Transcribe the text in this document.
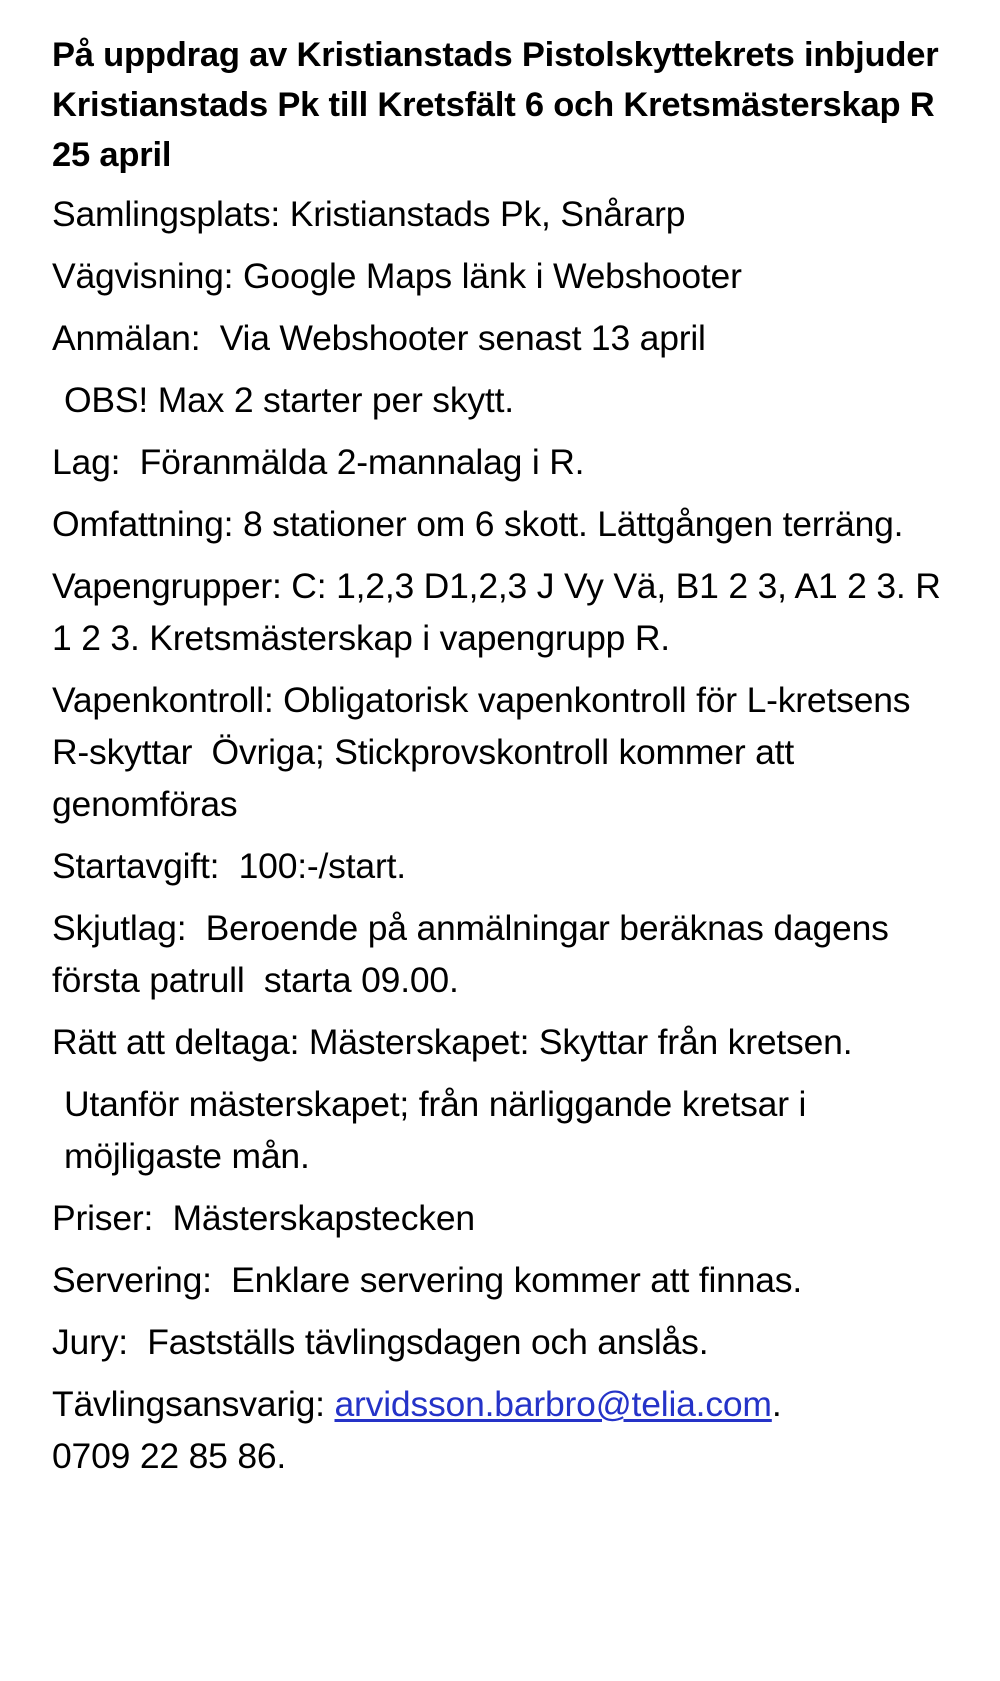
På uppdrag av Kristianstads Pistolskyttekrets inbjuder Kristianstads Pk till Kretsfält 6 och Kretsmästerskap R 25 april

Samlingsplats: Kristianstads Pk, Snårarp

Vägvisning: Google Maps länk i Webshooter

Anmälan:  Via Webshooter senast 13 april

OBS! Max 2 starter per skytt.

Lag:  Föranmälda 2-mannalag i R.

Omfattning: 8 stationer om 6 skott. Lättgången terräng.

Vapengrupper: C: 1,2,3 D1,2,3 J Vy Vä, B1 2 3, A1 2 3. R 1 2 3. Kretsmästerskap i vapengrupp R.

Vapenkontroll: Obligatorisk vapenkontroll för L-kretsens R-skyttar  Övriga; Stickprovskontroll kommer att genomföras

Startavgift:  100:-/start.

Skjutlag:  Beroende på anmälningar beräknas dagens första patrull  starta 09.00.

Rätt att deltaga: Mästerskapet: Skyttar från kretsen.

Utanför mästerskapet; från närliggande kretsar i möjligaste mån.

Priser:  Mästerskapstecken

Servering:  Enklare servering kommer att finnas.

Jury:  Fastställs tävlingsdagen och anslås.

Tävlingsansvarig: arvidsson.barbro@telia.com.
0709 22 85 86.
